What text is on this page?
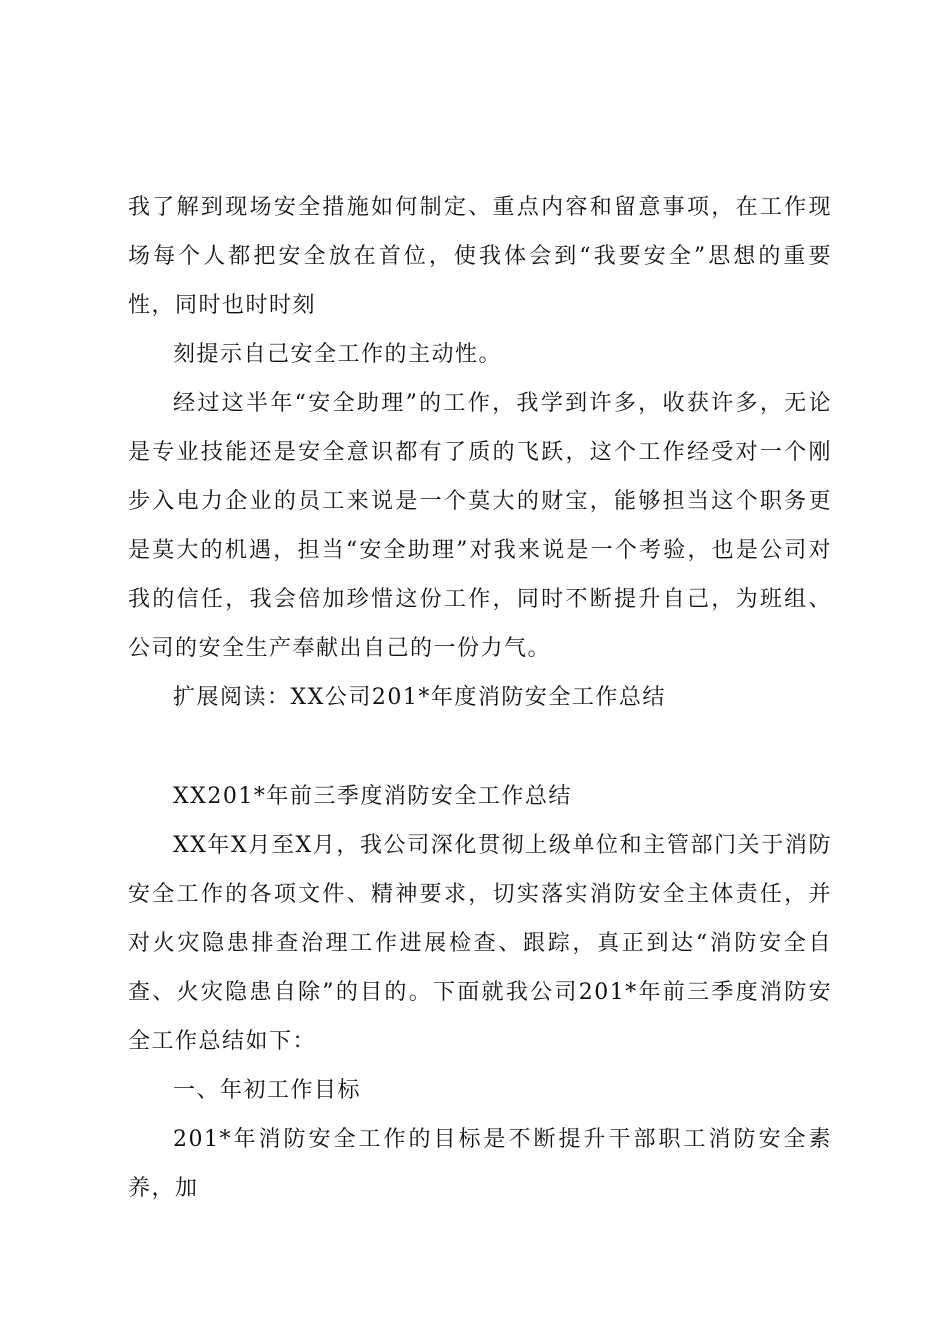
我了解到现场安全措施如何制定、重点内容和留意事项，在工作现场每个人都把安全放在首位，使我体会到“我要安全”思想的重要性，同时也时时刻

刻提示自己安全工作的主动性。

经过这半年“安全助理”的工作，我学到许多，收获许多，无论是专业技能还是安全意识都有了质的飞跃，这个工作经受对一个刚步入电力企业的员工来说是一个莫大的财宝，能够担当这个职务更是莫大的机遇，担当“安全助理”对我来说是一个考验，也是公司对我的信任，我会倍加珍惜这份工作，同时不断提升自己，为班组、公司的安全生产奉献出自己的一份力气。

扩展阅读：XX公司201*年度消防安全工作总结

XX201*年前三季度消防安全工作总结

XX年X月至X月，我公司深化贯彻上级单位和主管部门关于消防安全工作的各项文件、精神要求，切实落实消防安全主体责任，并对火灾隐患排查治理工作进展检查、跟踪，真正到达“消防安全自查、火灾隐患自除”的目的。下面就我公司201*年前三季度消防安全工作总结如下：

一、年初工作目标

201*年消防安全工作的目标是不断提升干部职工消防安全素养，加
